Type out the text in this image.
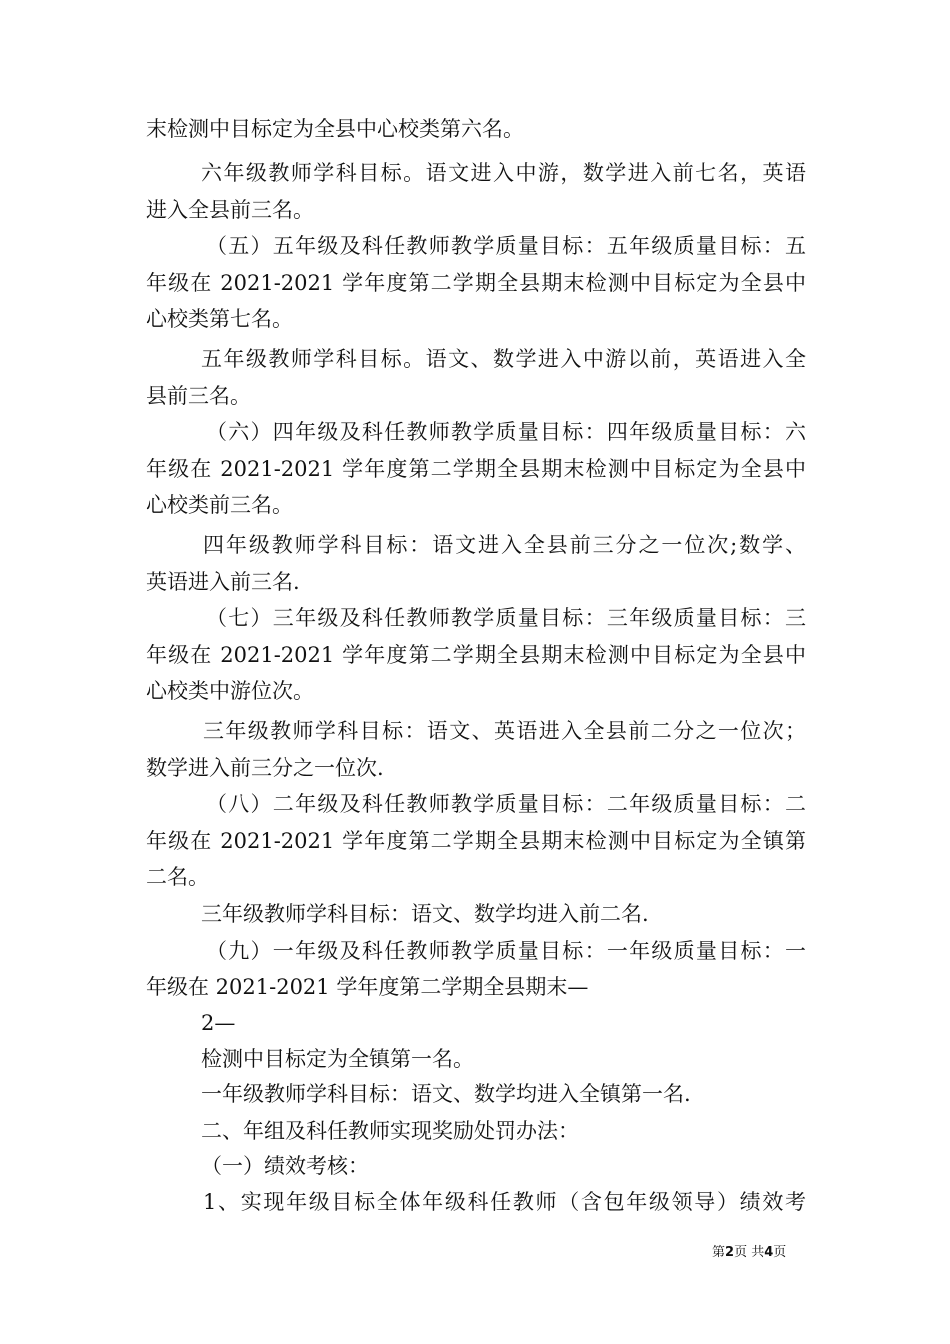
末检测中目标定为全县中心校类第六名。
六年级教师学科目标。语文进入中游，数学进入前七名，英语
进入全县前三名。
（五）五年级及科任教师教学质量目标：五年级质量目标：五
年级在 2021-2021 学年度第二学期全县期末检测中目标定为全县中
心校类第七名。
五年级教师学科目标。语文、数学进入中游以前，英语进入全
县前三名。
（六）四年级及科任教师教学质量目标：四年级质量目标：六
年级在 2021-2021 学年度第二学期全县期末检测中目标定为全县中
心校类前三名。
四年级教师学科目标：语文进入全县前三分之一位次;数学、
英语进入前三名.
（七）三年级及科任教师教学质量目标：三年级质量目标：三
年级在 2021-2021 学年度第二学期全县期末检测中目标定为全县中
心校类中游位次。
三年级教师学科目标：语文、英语进入全县前二分之一位次；
数学进入前三分之一位次.
（八）二年级及科任教师教学质量目标：二年级质量目标：二
年级在 2021-2021 学年度第二学期全县期末检测中目标定为全镇第
二名。
三年级教师学科目标：语文、数学均进入前二名.
（九）一年级及科任教师教学质量目标：一年级质量目标：一
年级在 2021-2021 学年度第二学期全县期末—
2—
检测中目标定为全镇第一名。
一年级教师学科目标：语文、数学均进入全镇第一名.
二、年组及科任教师实现奖励处罚办法：
（一）绩效考核：
1、实现年级目标全体年级科任教师（含包年级领导）绩效考
第2页 共4页
